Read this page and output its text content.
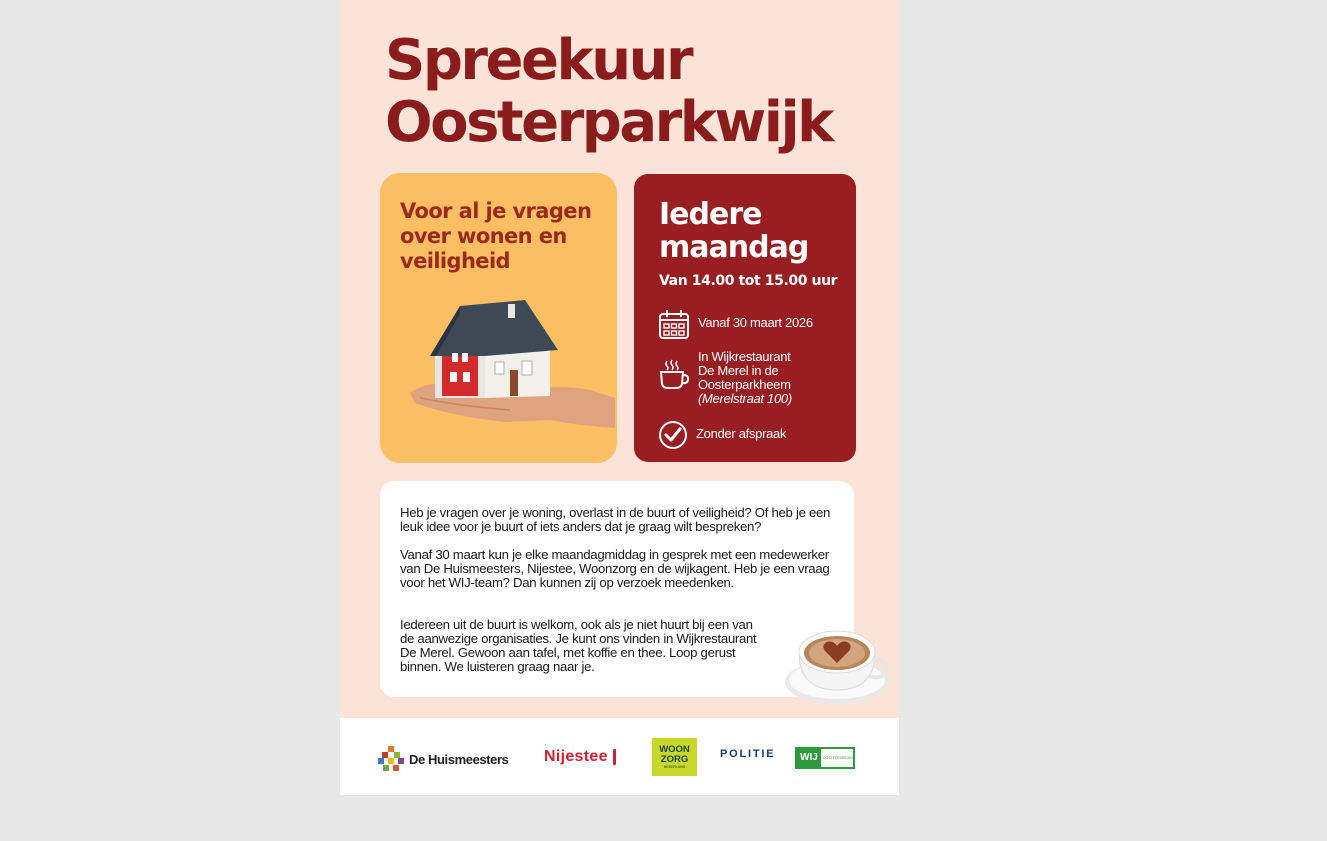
Spreekuur
Oosterparkwijk
Voor al je vragen over wonen en veiligheid
Iedere maandag
Van 14.00 tot 15.00 uur
Vanaf 30 maart 2026
In Wijkrestaurant
De Merel in de
Oosterparkheem
(Merelstraat 100)
Zonder afspraak

Heb je vragen over je woning, overlast in de buurt of veiligheid? Of heb je een leuk idee voor je buurt of iets anders dat je graag wilt bespreken?

Vanaf 30 maart kun je elke maandagmiddag in gesprek met een medewerker van De Huismeesters, Nijestee, Woonzorg en de wijkagent. Heb je een vraag voor het WIJ-team? Dan kunnen zij op verzoek meedenken.

Iedereen uit de buurt is welkom, ook als je niet huurt bij een van de aanwezige organisaties. Je kunt ons vinden in Wijkrestaurant De Merel. Gewoon aan tafel, met koffie en thee. Loop gerust binnen. We luisteren graag naar je.

De Huismeesters Nijestee	WOON
ZORG
NEDERLAND
POLITIE	WIJ	OOSTERPARKWIJK
